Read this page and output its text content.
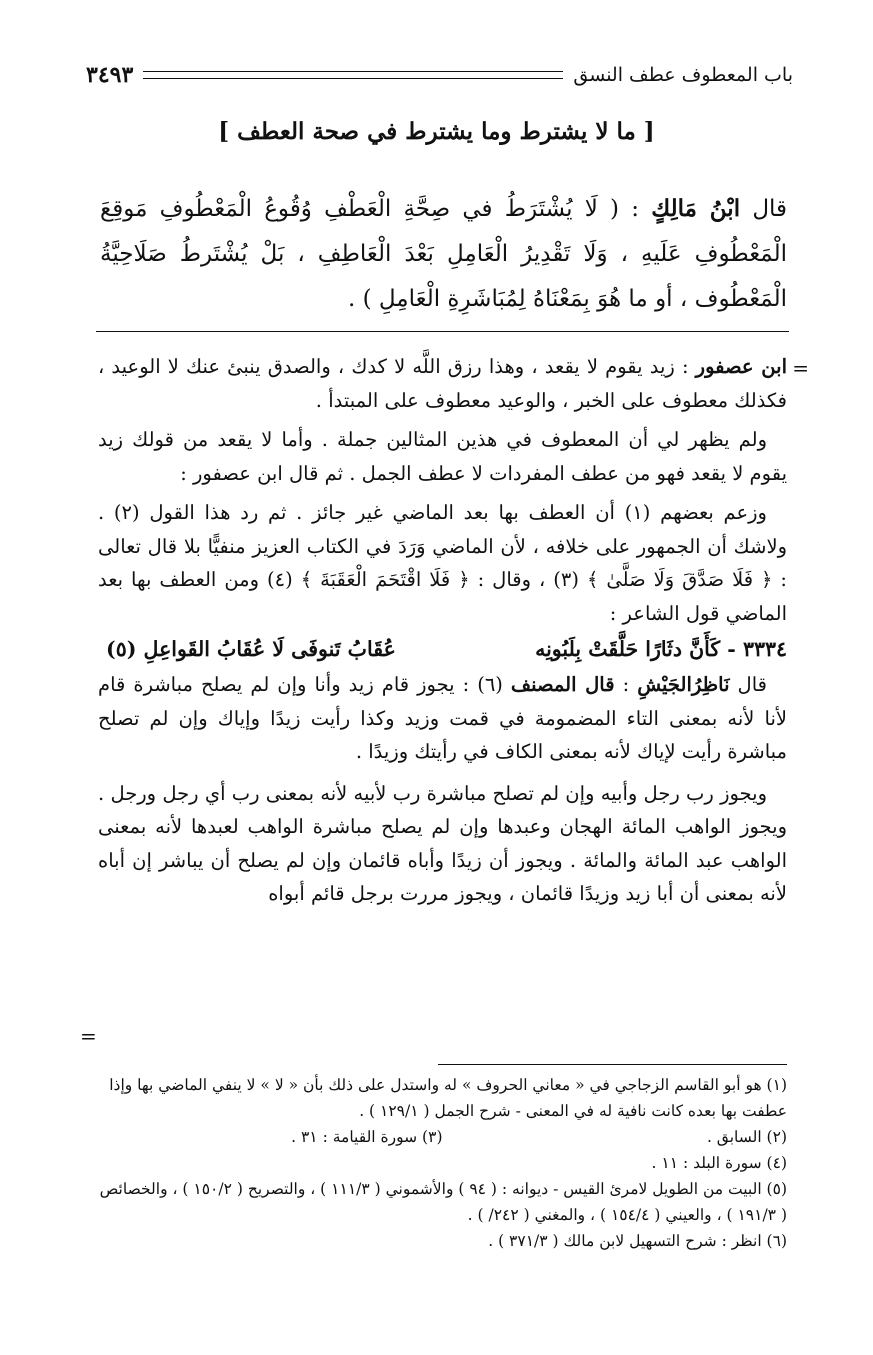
باب المعطوف عطف النسق
٣٤٩٣
[ ما لا يشترط وما يشترط في صحة العطف ]
قال ابْنُ مَالِكٍ : ( لَا يُشْتَرَطُ في صِحَّةِ الْعَطْفِ وُقُوعُ الْمَعْطُوفِ مَوقِعَ الْمَعْطُوفِ عَلَيهِ ، وَلَا تَقْدِيرُ الْعَامِلِ بَعْدَ الْعَاطِفِ ، بَلْ يُشْتَرطُ صَلَاحِيَّةُ الْمَعْطُوف ، أو ما هُوَ بِمَعْنَاهُ لِمُبَاشَرِةِ الْعَامِلِ ) .
=

ابن عصفور : زيد يقوم لا يقعد ، وهذا رزق اللَّه لا كدك ، والصدق ينبئ عنك لا الوعيد ، فكذلك معطوف على الخبر ، والوعيد معطوف على المبتدأ .

ولم يظهر لي أن المعطوف في هذين المثالين جملة . وأما لا يقعد من قولك زيد يقوم لا يقعد فهو من عطف المفردات لا عطف الجمل . ثم قال ابن عصفور :

وزعم بعضهم (١) أن العطف بها بعد الماضي غير جائز . ثم رد هذا القول (٢) . ولاشك أن الجمهور على خلافه ، لأن الماضي وَرَدَ في الكتاب العزيز منفيًّا بلا قال تعالى : ﴿ فَلَا صَدَّقَ وَلَا صَلَّىٰ ﴾ (٣) ، وقال : ﴿ فَلَا اقْتَحَمَ الْعَقَبَةَ ﴾ (٤) ومن العطف بها بعد الماضي قول الشاعر :

٣٣٣٤ - كَأَنَّ دثَارًا حَلَّقَتْ بِلَبُونِه
عُقَابُ تَنوفَى لَا عُقَابُ القَواعِلِ (٥)

قال نَاظِرُالجَيْشِ : قال المصنف (٦) : يجوز قام زيد وأنا وإن لم يصلح مباشرة قام لأنا لأنه بمعنى التاء المضمومة في قمت وزيد وكذا رأيت زيدًا وإياك وإن لم تصلح مباشرة رأيت لإياك لأنه بمعنى الكاف في رأيتك وزيدًا .

ويجوز رب رجل وأبيه وإن لم تصلح مباشرة رب لأبيه لأنه بمعنى رب أي رجل ورجل . ويجوز الواهب المائة الهجان وعبدها وإن لم يصلح مباشرة الواهب لعبدها لأنه بمعنى الواهب عبد المائة والمائة . ويجوز أن زيدًا وأباه قائمان وإن لم يصلح أن يباشر إن أباه لأنه بمعنى أن أبا زيد وزيدًا قائمان ، ويجوز مررت برجل قائم أبواه

=

(١) هو أبو القاسم الزجاجي في « معاني الحروف » له واستدل على ذلك بأن « لا » لا ينفي الماضي بها وإذا عطفت بها بعده كانت نافية له في المعنى - شرح الجمل ( ١٢٩/١ ) .

(٢) السابق .

(٣) سورة القيامة : ٣١ .

(٤) سورة البلد : ١١ .

(٥) البيت من الطويل لامرئ القيس - ديوانه : ( ٩٤ ) والأشموني ( ١١١/٣ ) ، والتصريح ( ١٥٠/٢ ) ، والخصائص ( ١٩١/٣ ) ، والعيني ( ١٥٤/٤ ) ، والمغني ( ٢٤٢/ ) .

(٦) انظر : شرح التسهيل لابن مالك ( ٣٧١/٣ ) .
